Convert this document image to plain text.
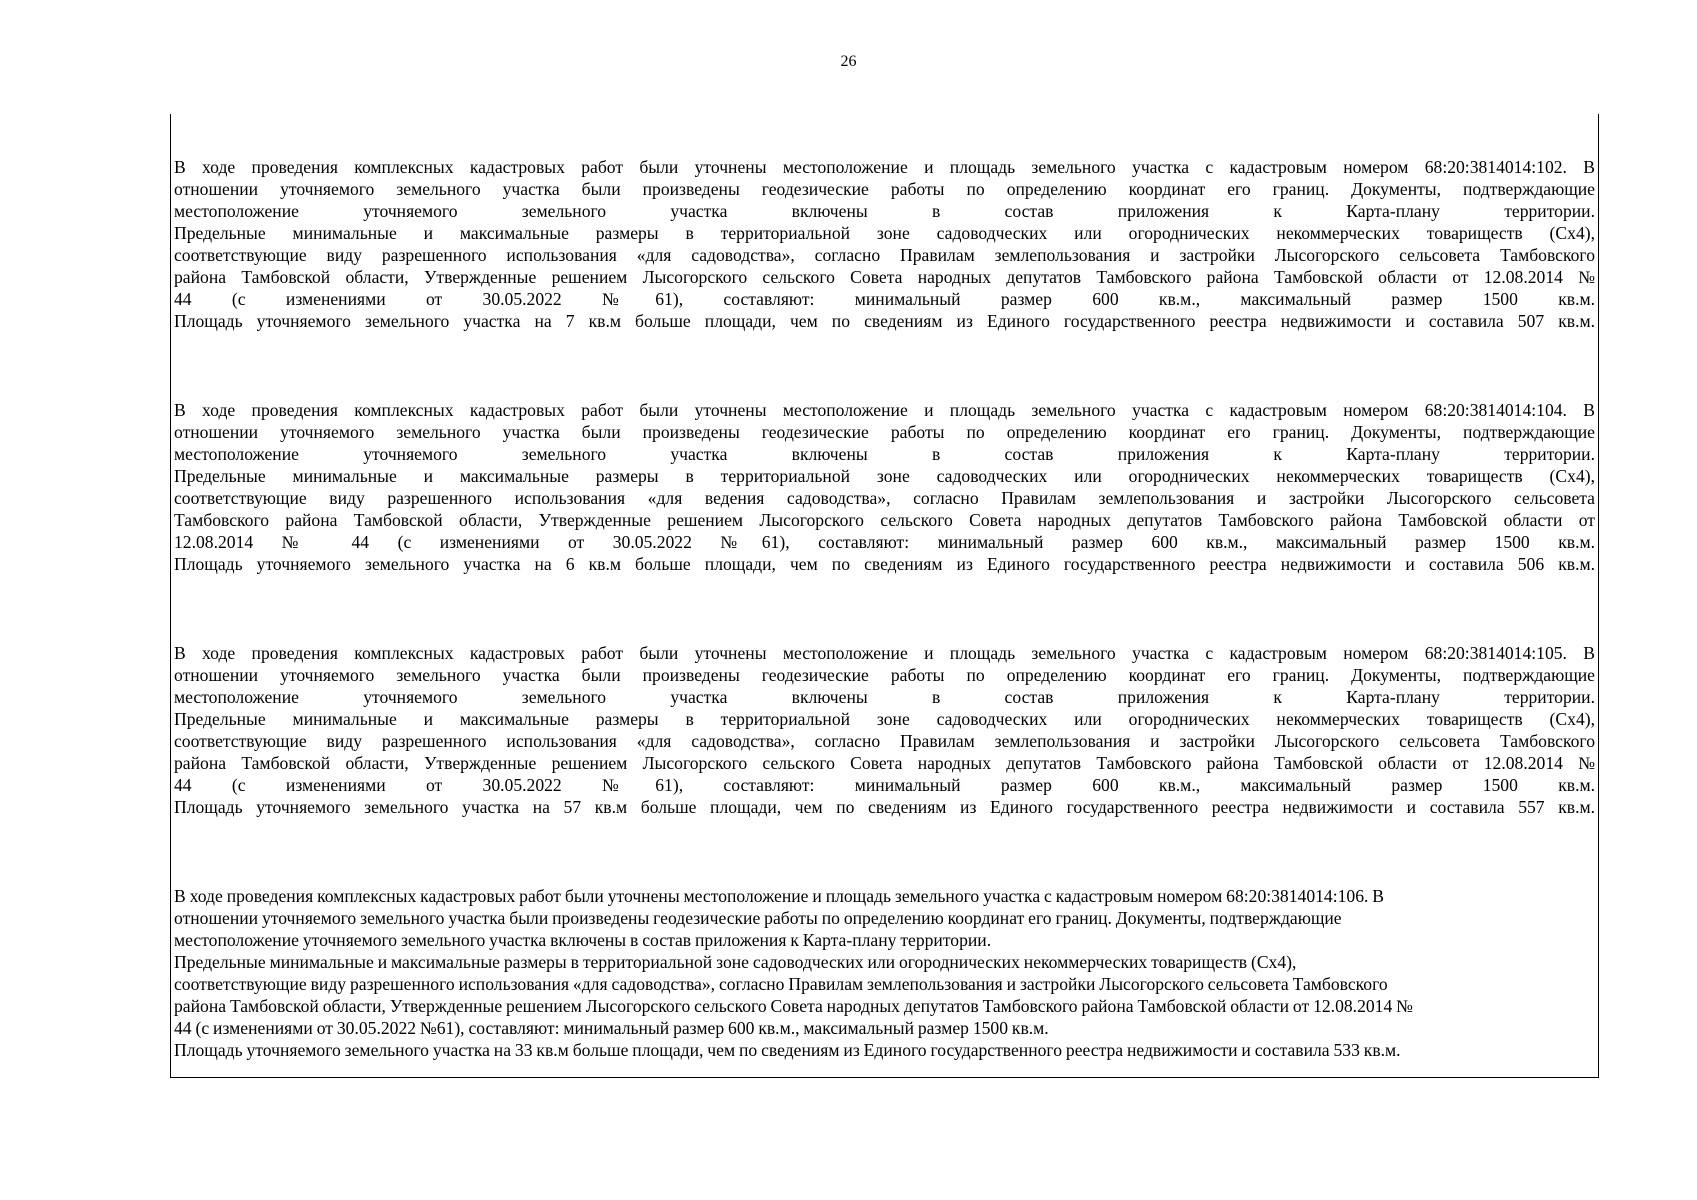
26

В ходе проведения комплексных кадастровых работ были уточнены местоположение и площадь земельного участка с кадастровым номером 68:20:3814014:102. В
отношении уточняемого земельного участка были произведены геодезические работы по определению координат его границ. Документы, подтверждающие
местоположение уточняемого земельного участка включены в состав приложения к Карта-плану территории.
Предельные минимальные и максимальные размеры в территориальной зоне садоводческих или огороднических некоммерческих товариществ (Сх4),
соответствующие виду разрешенного использования «для садоводства», согласно Правилам землепользования и застройки Лысогорского сельсовета Тамбовского
района Тамбовской области, Утвержденные решением Лысогорского сельского Совета народных депутатов Тамбовского района Тамбовской области от 12.08.2014 №
44 (с изменениями от 30.05.2022 №61), составляют: минимальный размер 600 кв.м., максимальный размер 1500 кв.м.
Площадь уточняемого земельного участка на 7 кв.м больше площади, чем по сведениям из Единого государственного реестра недвижимости и составила 507 кв.м.

В ходе проведения комплексных кадастровых работ были уточнены местоположение и площадь земельного участка с кадастровым номером 68:20:3814014:104. В
отношении уточняемого земельного участка были произведены геодезические работы по определению координат его границ. Документы, подтверждающие
местоположение уточняемого земельного участка включены в состав приложения к Карта-плану территории.
Предельные минимальные и максимальные размеры в территориальной зоне садоводческих или огороднических некоммерческих товариществ (Сх4),
соответствующие виду разрешенного использования «для ведения садоводства», согласно Правилам землепользования и застройки Лысогорского сельсовета
Тамбовского района Тамбовской области, Утвержденные решением Лысогорского сельского Совета народных депутатов Тамбовского района Тамбовской области от
12.08.2014 № 44 (с изменениями от 30.05.2022 №61), составляют: минимальный размер 600 кв.м., максимальный размер 1500 кв.м.
Площадь уточняемого земельного участка на 6 кв.м больше площади, чем по сведениям из Единого государственного реестра недвижимости и составила 506 кв.м.

В ходе проведения комплексных кадастровых работ были уточнены местоположение и площадь земельного участка с кадастровым номером 68:20:3814014:105. В
отношении уточняемого земельного участка были произведены геодезические работы по определению координат его границ. Документы, подтверждающие
местоположение уточняемого земельного участка включены в состав приложения к Карта-плану территории.
Предельные минимальные и максимальные размеры в территориальной зоне садоводческих или огороднических некоммерческих товариществ (Сх4),
соответствующие виду разрешенного использования «для садоводства», согласно Правилам землепользования и застройки Лысогорского сельсовета Тамбовского
района Тамбовской области, Утвержденные решением Лысогорского сельского Совета народных депутатов Тамбовского района Тамбовской области от 12.08.2014 №
44 (с изменениями от 30.05.2022 №61), составляют: минимальный размер 600 кв.м., максимальный размер 1500 кв.м.
Площадь уточняемого земельного участка на 57 кв.м больше площади, чем по сведениям из Единого государственного реестра недвижимости и составила 557 кв.м.

В ходе проведения комплексных кадастровых работ были уточнены местоположение и площадь земельного участка с кадастровым номером 68:20:3814014:106. В
отношении уточняемого земельного участка были произведены геодезические работы по определению координат его границ. Документы, подтверждающие
местоположение уточняемого земельного участка включены в состав приложения к Карта-плану территории.
Предельные минимальные и максимальные размеры в территориальной зоне садоводческих или огороднических некоммерческих товариществ (Сх4),
соответствующие виду разрешенного использования «для садоводства», согласно Правилам землепользования и застройки Лысогорского сельсовета Тамбовского
района Тамбовской области, Утвержденные решением Лысогорского сельского Совета народных депутатов Тамбовского района Тамбовской области от 12.08.2014 №
44 (с изменениями от 30.05.2022 №61), составляют: минимальный размер 600 кв.м., максимальный размер 1500 кв.м.
Площадь уточняемого земельного участка на 33 кв.м больше площади, чем по сведениям из Единого государственного реестра недвижимости и составила 533 кв.м.
